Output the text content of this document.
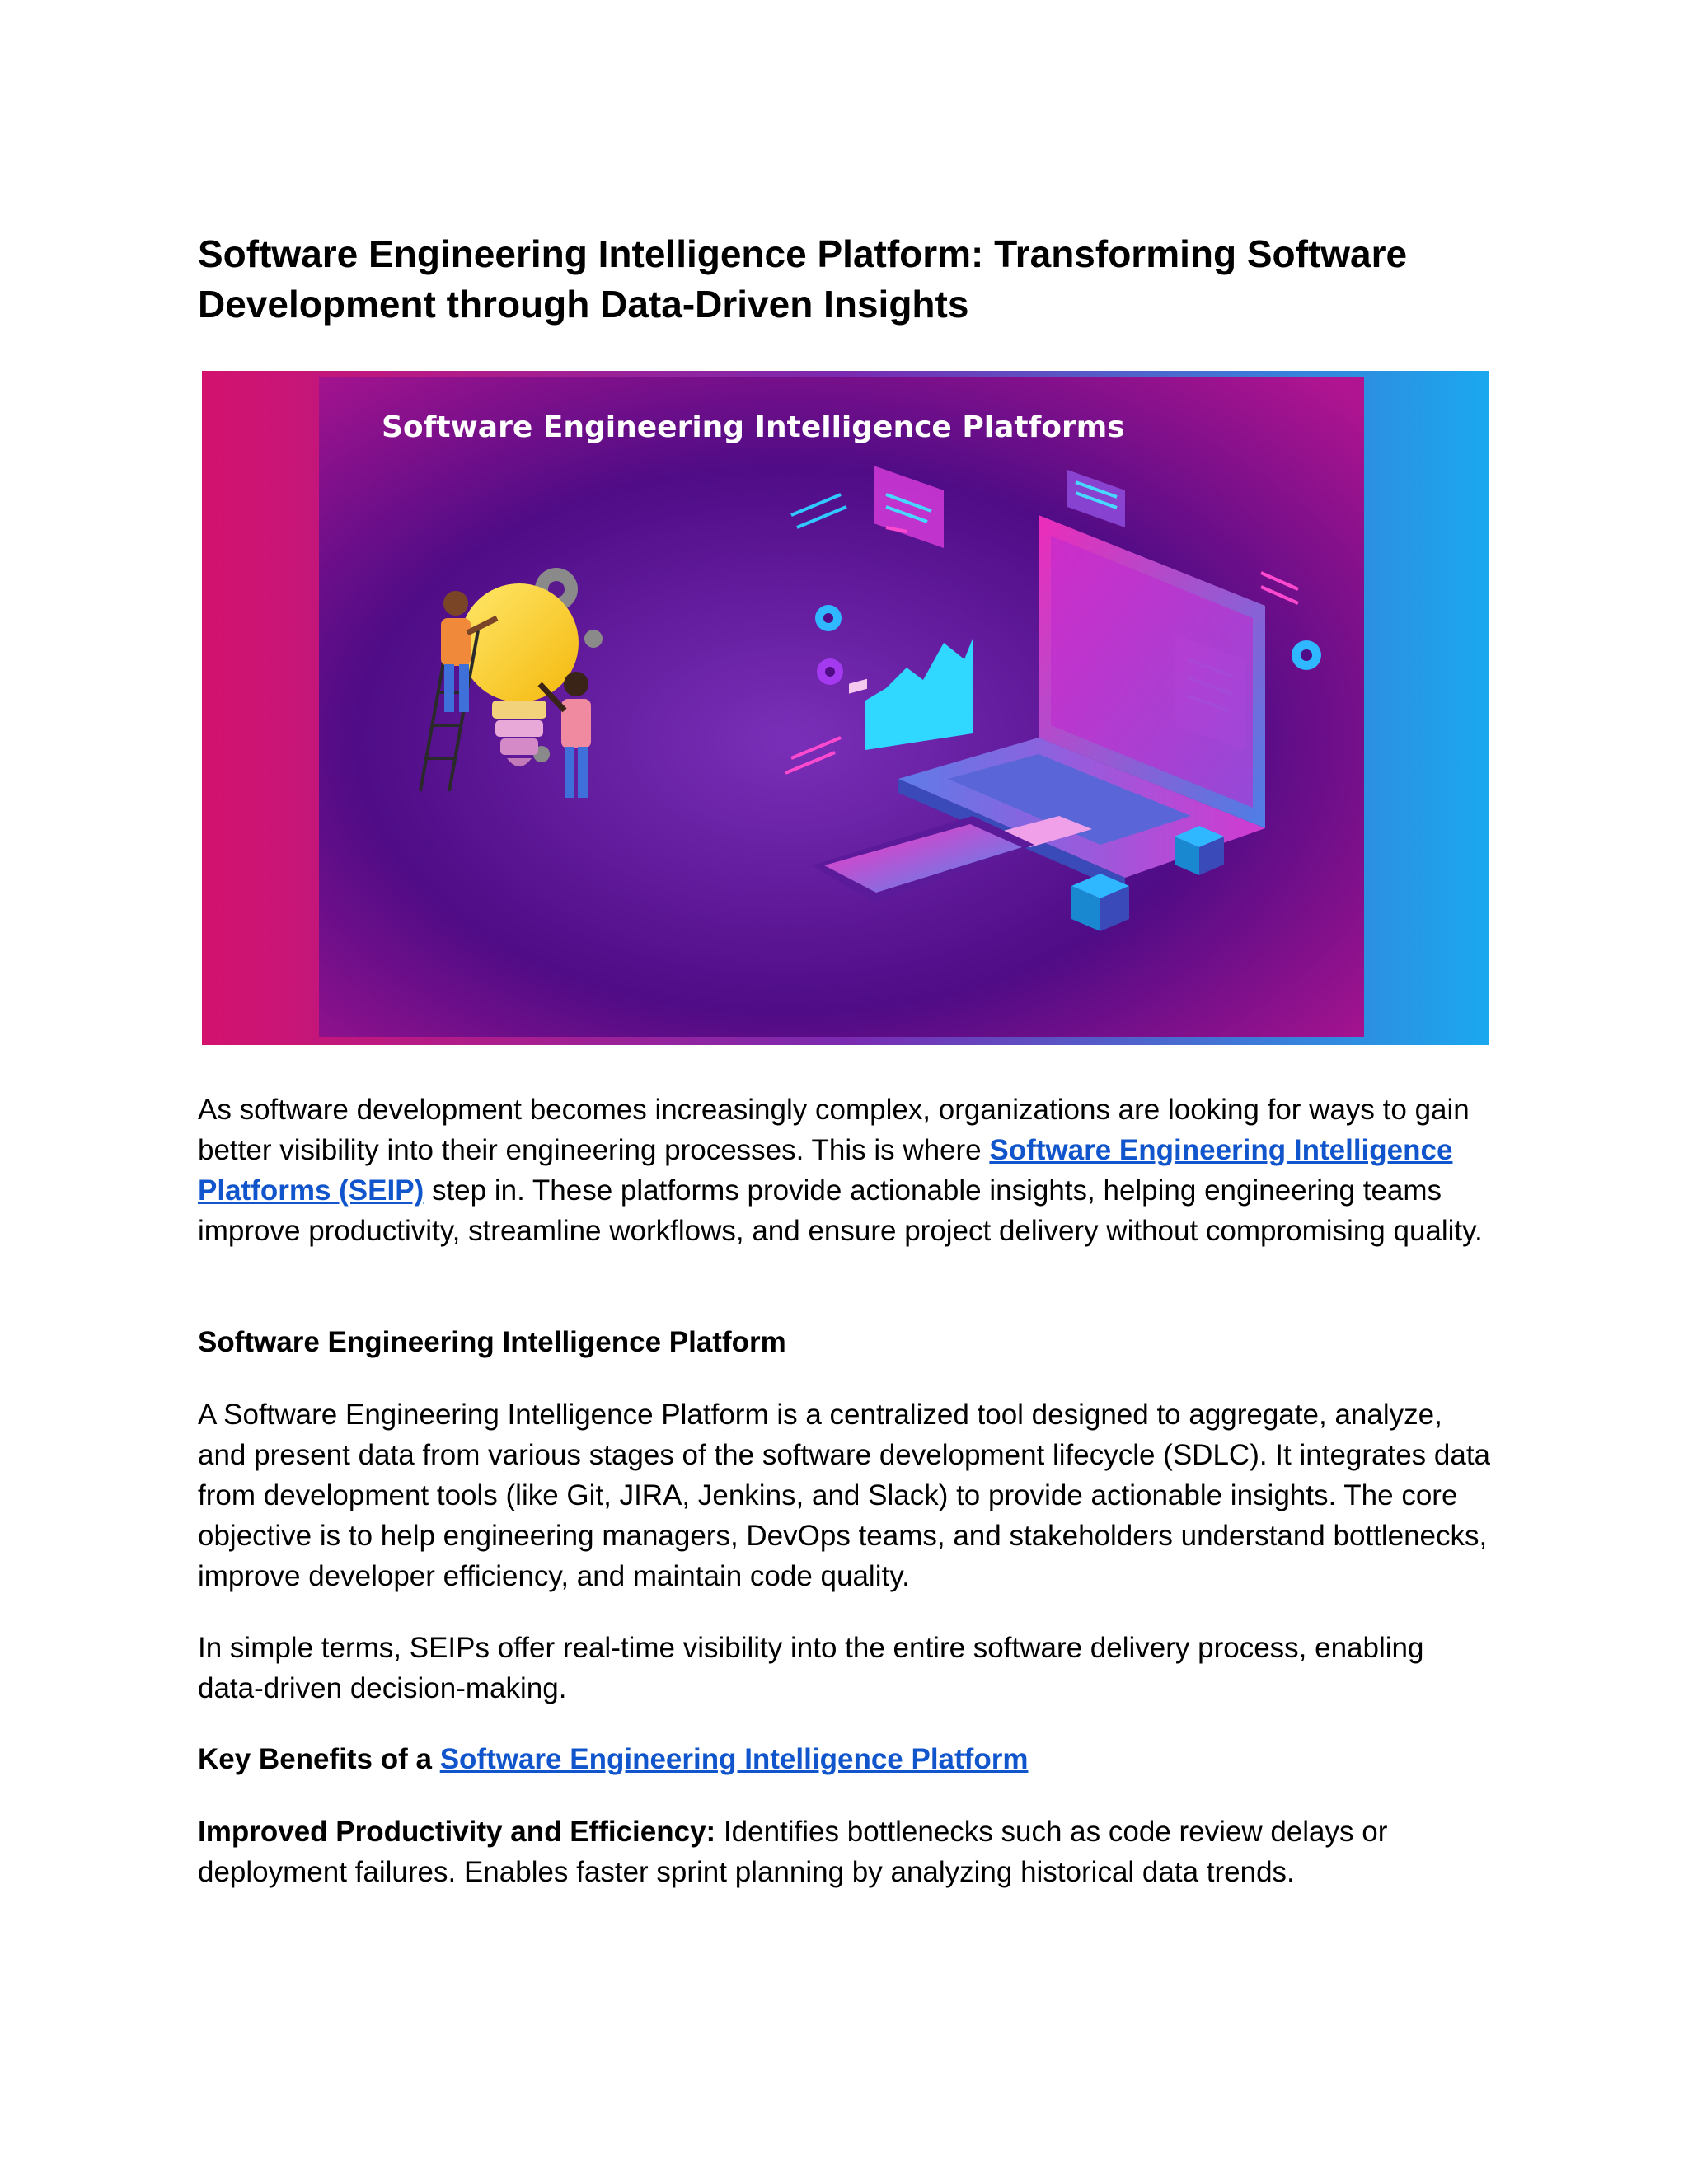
Software Engineering Intelligence Platform: Transforming Software Development through Data-Driven Insights
Software Engineering Intelligence Platforms

As software development becomes increasingly complex, organizations are looking for ways to gain better visibility into their engineering processes. This is where Software Engineering Intelligence Platforms (SEIP) step in. These platforms provide actionable insights, helping engineering teams improve productivity, streamline workflows, and ensure project delivery without compromising quality.

Software Engineering Intelligence Platform

A Software Engineering Intelligence Platform is a centralized tool designed to aggregate, analyze, and present data from various stages of the software development lifecycle (SDLC). It integrates data from development tools (like Git, JIRA, Jenkins, and Slack) to provide actionable insights. The core objective is to help engineering managers, DevOps teams, and stakeholders understand bottlenecks, improve developer efficiency, and maintain code quality.

In simple terms, SEIPs offer real-time visibility into the entire software delivery process, enabling data-driven decision-making.

Key Benefits of a Software Engineering Intelligence Platform

Improved Productivity and Efficiency: Identifies bottlenecks such as code review delays or deployment failures. Enables faster sprint planning by analyzing historical data trends.
